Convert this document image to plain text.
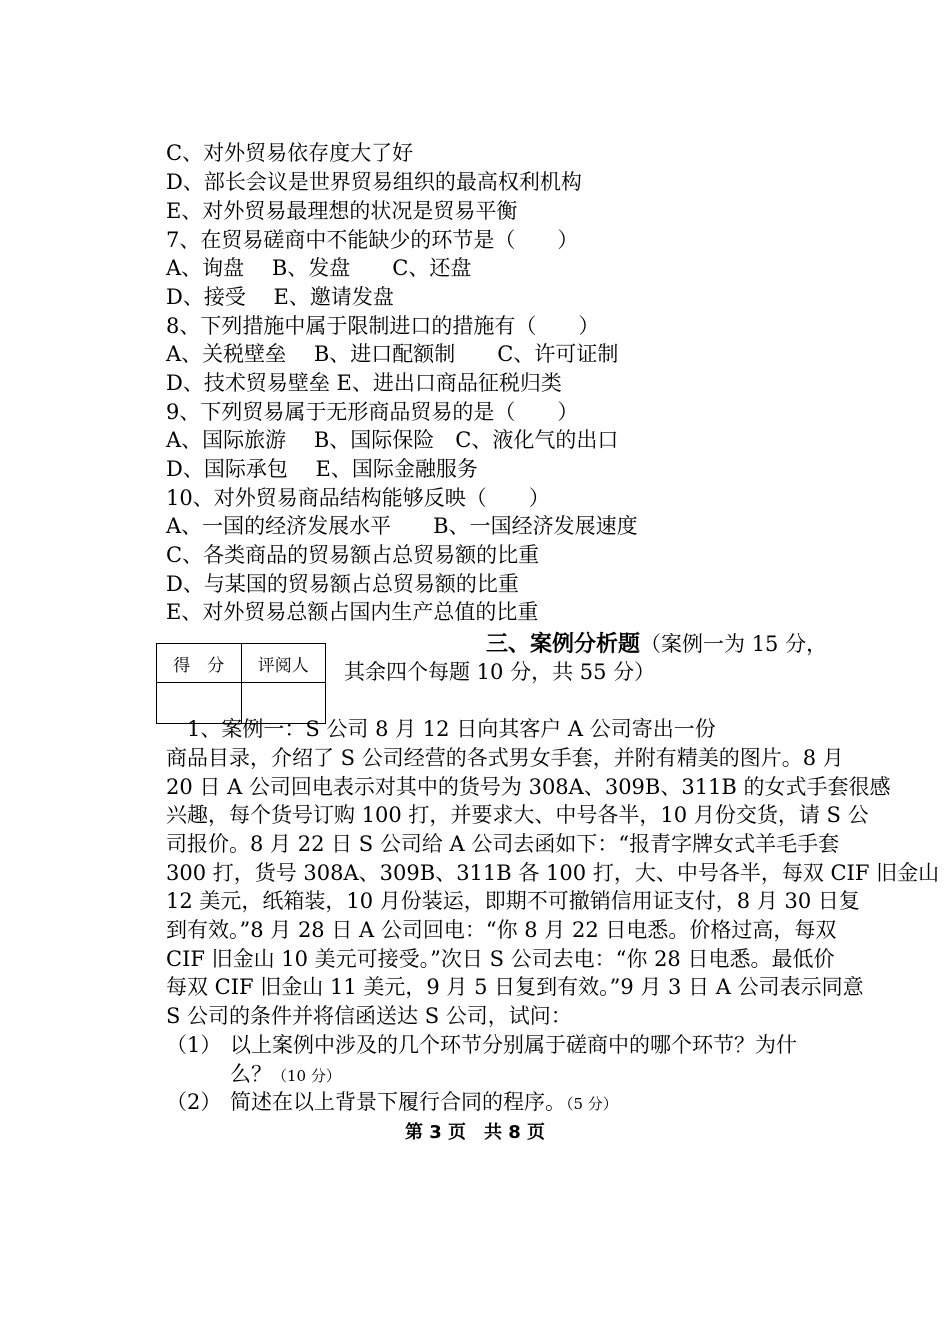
C、对外贸易依存度大了好
D、部长会议是世界贸易组织的最高权利机构
E、对外贸易最理想的状况是贸易平衡
7、在贸易磋商中不能缺少的环节是（　　）
A、询盘　 B、发盘　　C、还盘
D、接受　 E、邀请发盘
8、下列措施中属于限制进口的措施有（　　）
A、关税壁垒　 B、进口配额制　　C、许可证制
D、技术贸易壁垒 E、进出口商品征税归类
9、下列贸易属于无形商品贸易的是（　　）
A、国际旅游　 B、国际保险　C、液化气的出口
D、国际承包　 E、国际金融服务
10、对外贸易商品结构能够反映（　　）
A、一国的经济发展水平　　B、一国经济发展速度
C、各类商品的贸易额占总贸易额的比重
D、与某国的贸易额占总贸易额的比重
E、对外贸易总额占国内生产总值的比重
得　分	评阅人

三、案例分析题（案例一为 15 分，
其余四个每题 10 分，共 55 分）
　1、案例一：S 公司 8 月 12 日向其客户 A 公司寄出一份
商品目录，介绍了 S 公司经营的各式男女手套，并附有精美的图片。8 月
20 日 A 公司回电表示对其中的货号为 308A、309B、311B 的女式手套很感
兴趣，每个货号订购 100 打，并要求大、中号各半，10 月份交货，请 S 公
司报价。8 月 22 日 S 公司给 A 公司去函如下：“报青字牌女式羊毛手套
300 打，货号 308A、309B、311B 各 100 打，大、中号各半，每双 CIF 旧金山
12 美元，纸箱装，10 月份装运，即期不可撤销信用证支付，8 月 30 日复
到有效。”8 月 28 日 A 公司回电：“你 8 月 22 日电悉。价格过高，每双
CIF 旧金山 10 美元可接受。”次日 S 公司去电：“你 28 日电悉。最低价
每双 CIF 旧金山 11 美元，9 月 5 日复到有效。”9 月 3 日 A 公司表示同意
S 公司的条件并将信函送达 S 公司，试问：
（1） 以上案例中涉及的几个环节分别属于磋商中的哪个环节？为什
么？（10 分）
（2） 简述在以上背景下履行合同的程序。（5 分）
第 3 页　共 8 页
